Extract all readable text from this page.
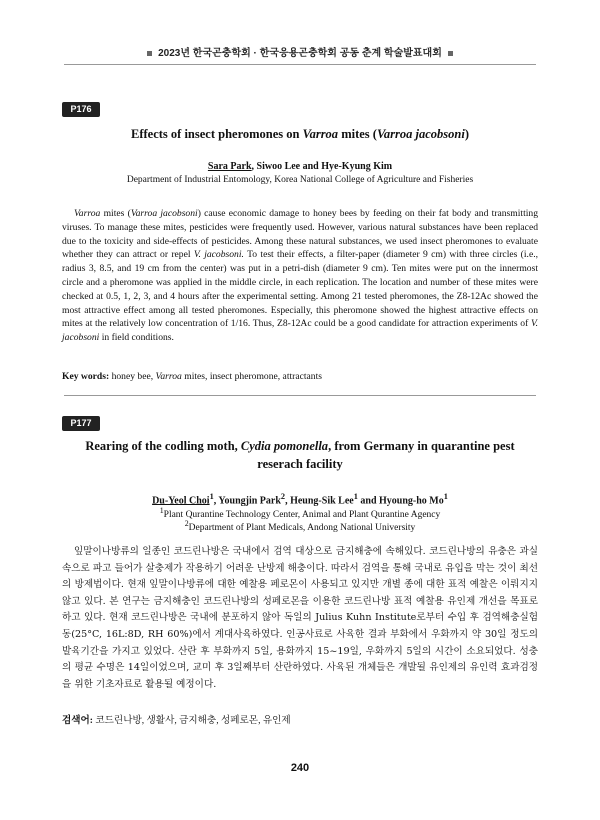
2023년 한국곤충학회 · 한국응용곤충학회 공동 춘계 학술발표대회
P176
Effects of insect pheromones on Varroa mites (Varroa jacobsoni)
Sara Park, Siwoo Lee and Hye-Kyung Kim
Department of Industrial Entomology, Korea National College of Agriculture and Fisheries
Varroa mites (Varroa jacobsoni) cause economic damage to honey bees by feeding on their fat body and transmitting viruses. To manage these mites, pesticides were frequently used. However, various natural substances have been replaced due to the toxicity and side-effects of pesticides. Among these natural substances, we used insect pheromones to evaluate whether they can attract or repel V. jacobsoni. To test their effects, a filter-paper (diameter 9 cm) with three circles (i.e., radius 3, 8.5, and 19 cm from the center) was put in a petri-dish (diameter 9 cm). Ten mites were put on the innermost circle and a pheromone was applied in the middle circle, in each replication. The location and number of these mites were checked at 0.5, 1, 2, 3, and 4 hours after the experimental setting. Among 21 tested pheromones, the Z8-12Ac showed the most attractive effect among all tested pheromones. Especially, this pheromone showed the highest attractive effects on mites at the relatively low concentration of 1/16. Thus, Z8-12Ac could be a good candidate for attraction experiments of V. jacobsoni in field conditions.
Key words: honey bee, Varroa mites, insect pheromone, attractants
P177
Rearing of the codling moth, Cydia pomonella, from Germany in quarantine pest reserach facility
Du-Yeol Choi$^1$, Youngjin Park$^2$, Heung-Sik Lee$^1$ and Hyoung-ho Mo$^1$
$^1$Plant Qurantine Technology Center, Animal and Plant Qurantine Agency
$^2$Department of Plant Medicals, Andong National University
잎말이나방류의 일종인 코드린나방은 국내에서 검역 대상으로 금지해충에 속해있다. 코드린나방의 유충은 과실 속으로 파고 들어가 살충제가 작용하기 어려운 난방제 해충이다. 따라서 검역을 통해 국내로 유입을 막는 것이 최선의 방제법이다. 현재 잎말이나방류에 대한 예찰용 페로몬이 사용되고 있지만 개별 종에 대한 표적 예찰은 이뤄지지 않고 있다. 본 연구는 금지해충인 코드린나방의 성페로몬을 이용한 코드린나방 표적 예찰용 유인제 개선을 목표로 하고 있다. 현재 코드린나방은 국내에 분포하지 않아 독일의 Julius Kuhn Institute로부터 수입 후 검역해충실험동(25°C, 16L:8D, RH 60%)에서 계대사육하였다. 인공사료로 사육한 결과 부화에서 우화까지 약 30일 정도의 발육기간을 가지고 있었다. 산란 후 부화까지 5일, 용화까지 15~19일, 우화까지 5일의 시간이 소요되었다. 성충의 평균 수명은 14일이었으며, 교미 후 3일째부터 산란하였다. 사육된 개체들은 개발될 유인제의 유인력 효과검정을 위한 기초자료로 활용될 예정이다.
검색어: 코드린나방, 생활사, 금지해충, 성페로몬, 유인제
240
